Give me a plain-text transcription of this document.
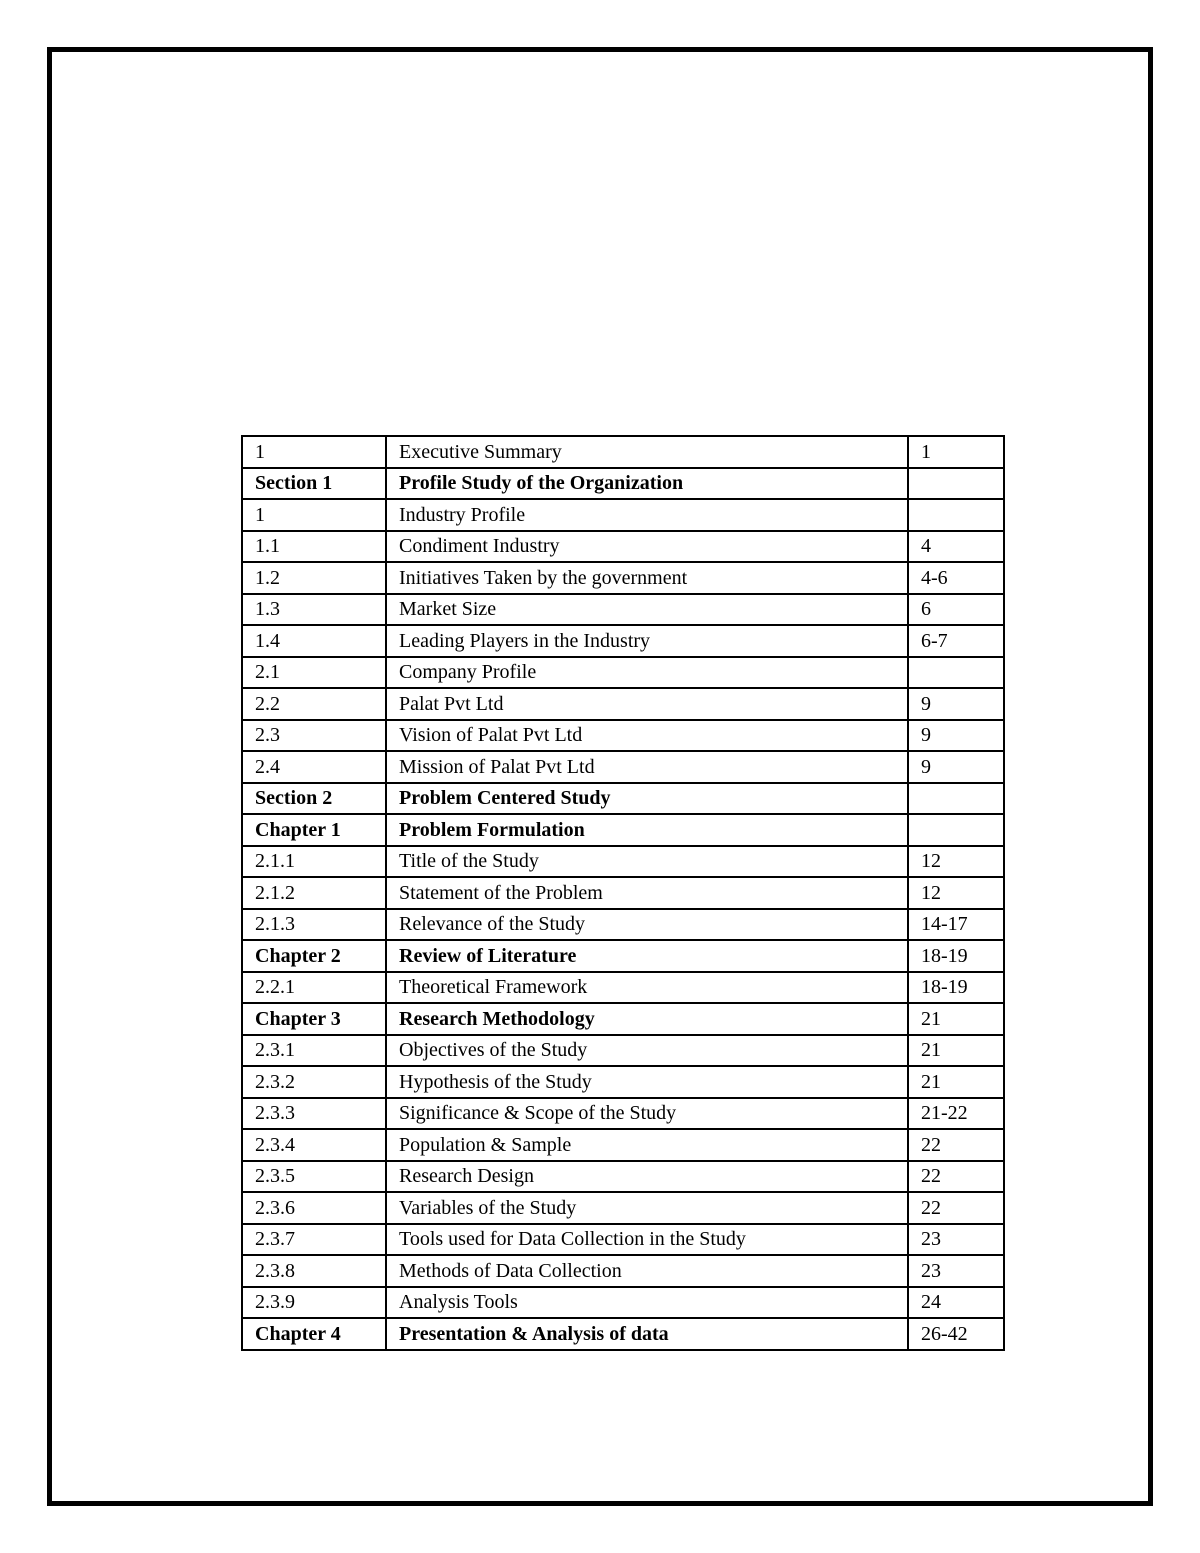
1	Executive Summary	1
Section 1	Profile Study of the Organization	
1	Industry Profile	
1.1	Condiment Industry	4
1.2	Initiatives Taken by the government	4-6
1.3	Market Size	6
1.4	Leading Players in the Industry	6-7
2.1	Company Profile	
2.2	Palat Pvt Ltd	9
2.3	Vision of Palat Pvt Ltd	9
2.4	Mission of Palat Pvt Ltd	9
Section 2	Problem Centered Study	
Chapter 1	Problem Formulation	
2.1.1	Title of the Study	12
2.1.2	Statement of the Problem	12
2.1.3	Relevance of the Study	14-17
Chapter 2	Review of Literature	18-19
2.2.1	Theoretical Framework	18-19
Chapter 3	Research Methodology	21
2.3.1	Objectives of the Study	21
2.3.2	Hypothesis of the Study	21
2.3.3	Significance & Scope of the Study	21-22
2.3.4	Population & Sample	22
2.3.5	Research Design	22
2.3.6	Variables of the Study	22
2.3.7	Tools used for Data Collection in the Study	23
2.3.8	Methods of Data Collection	23
2.3.9	Analysis Tools	24
Chapter 4	Presentation & Analysis of data	26-42
